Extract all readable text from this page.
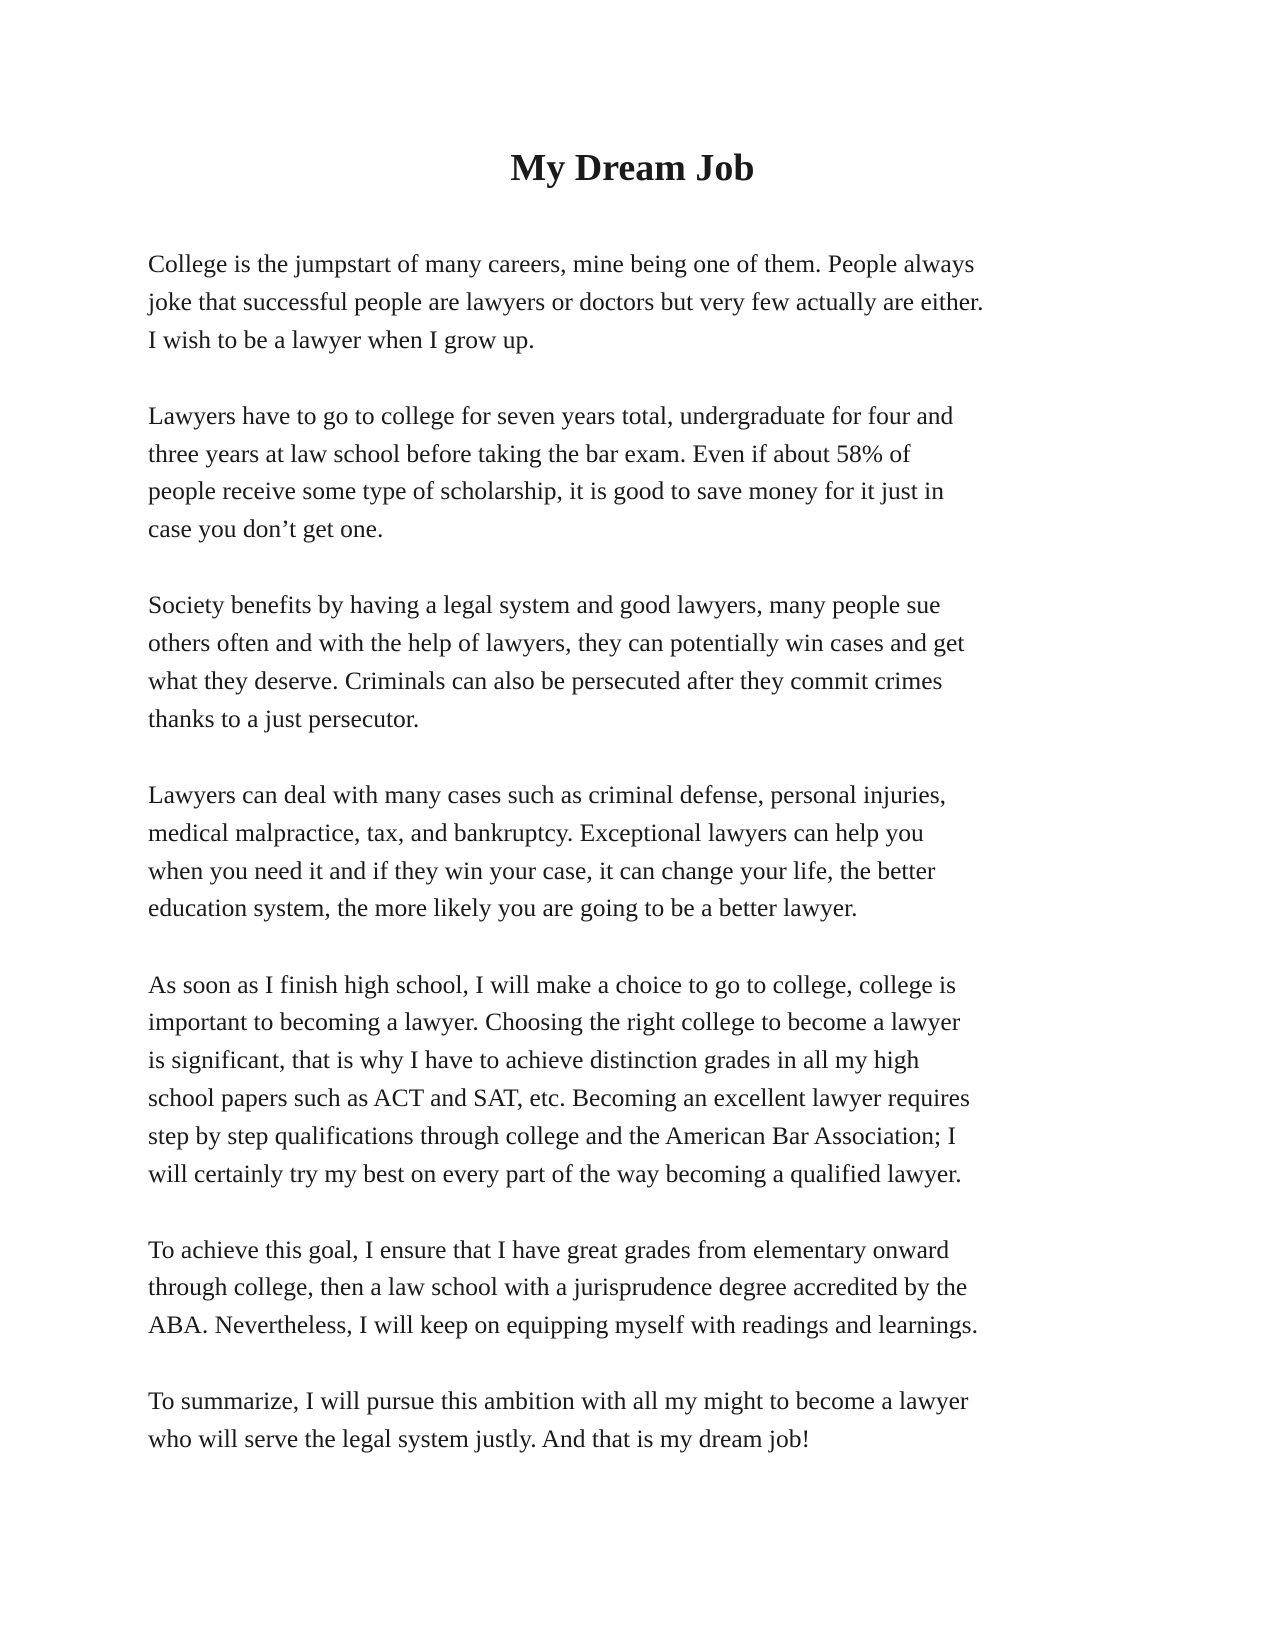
My Dream Job

College is the jumpstart of many careers, mine being one of them. People always
joke that successful people are lawyers or doctors but very few actually are either.
I wish to be a lawyer when I grow up.

Lawyers have to go to college for seven years total, undergraduate for four and
three years at law school before taking the bar exam. Even if about 58% of
people receive some type of scholarship, it is good to save money for it just in
case you don’t get one.

Society benefits by having a legal system and good lawyers, many people sue
others often and with the help of lawyers, they can potentially win cases and get
what they deserve. Criminals can also be persecuted after they commit crimes
thanks to a just persecutor.

Lawyers can deal with many cases such as criminal defense, personal injuries,
medical malpractice, tax, and bankruptcy. Exceptional lawyers can help you
when you need it and if they win your case, it can change your life, the better
education system, the more likely you are going to be a better lawyer.

As soon as I finish high school, I will make a choice to go to college, college is
important to becoming a lawyer. Choosing the right college to become a lawyer
is significant, that is why I have to achieve distinction grades in all my high
school papers such as ACT and SAT, etc. Becoming an excellent lawyer requires
step by step qualifications through college and the American Bar Association; I
will certainly try my best on every part of the way becoming a qualified lawyer.

To achieve this goal, I ensure that I have great grades from elementary onward
through college, then a law school with a jurisprudence degree accredited by the
ABA. Nevertheless, I will keep on equipping myself with readings and learnings.

To summarize, I will pursue this ambition with all my might to become a lawyer
who will serve the legal system justly. And that is my dream job!
